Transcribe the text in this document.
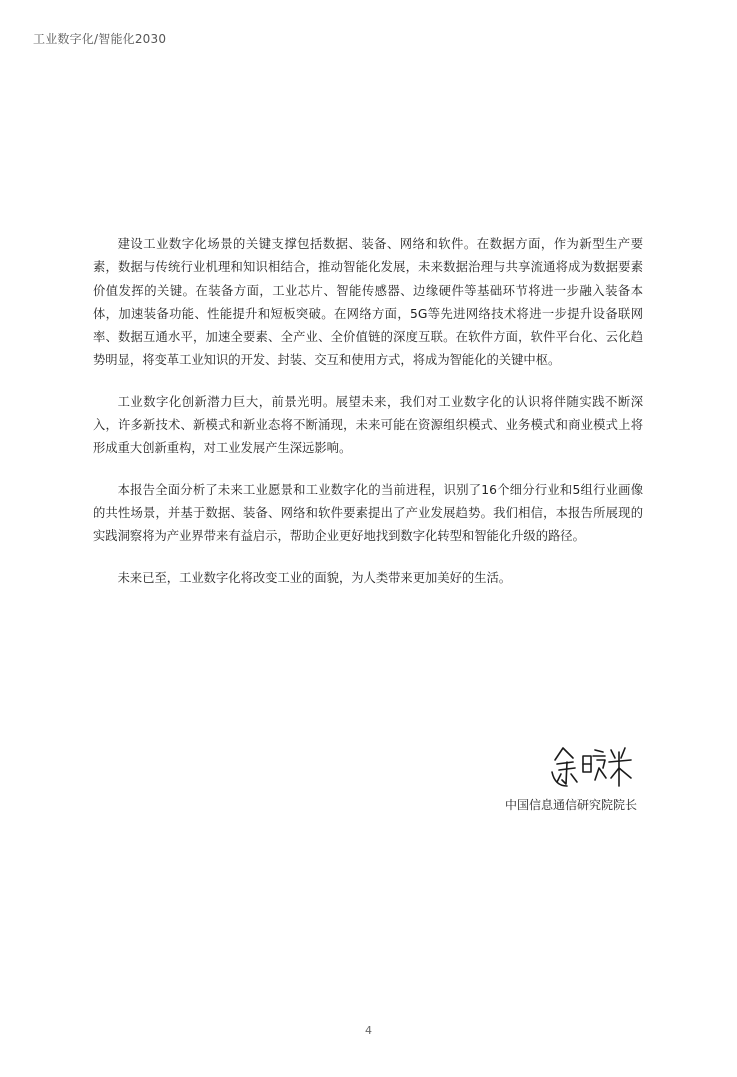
工业数字化/智能化2030

建设工业数字化场景的关键支撑包括数据、装备、网络和软件。在数据方面，作为新型生产要素，数据与传统行业机理和知识相结合，推动智能化发展，未来数据治理与共享流通将成为数据要素价值发挥的关键。在装备方面，工业芯片、智能传感器、边缘硬件等基础环节将进一步融入装备本体，加速装备功能、性能提升和短板突破。在网络方面，5G等先进网络技术将进一步提升设备联网率、数据互通水平，加速全要素、全产业、全价值链的深度互联。在软件方面，软件平台化、云化趋势明显，将变革工业知识的开发、封装、交互和使用方式，将成为智能化的关键中枢。

工业数字化创新潜力巨大，前景光明。展望未来，我们对工业数字化的认识将伴随实践不断深入，许多新技术、新模式和新业态将不断涌现，未来可能在资源组织模式、业务模式和商业模式上将形成重大创新重构，对工业发展产生深远影响。

本报告全面分析了未来工业愿景和工业数字化的当前进程，识别了16个细分行业和5组行业画像的共性场景，并基于数据、装备、网络和软件要素提出了产业发展趋势。我们相信，本报告所展现的实践洞察将为产业界带来有益启示，帮助企业更好地找到数字化转型和智能化升级的路径。

未来已至，工业数字化将改变工业的面貌，为人类带来更加美好的生活。

中国信息通信研究院院长
4
